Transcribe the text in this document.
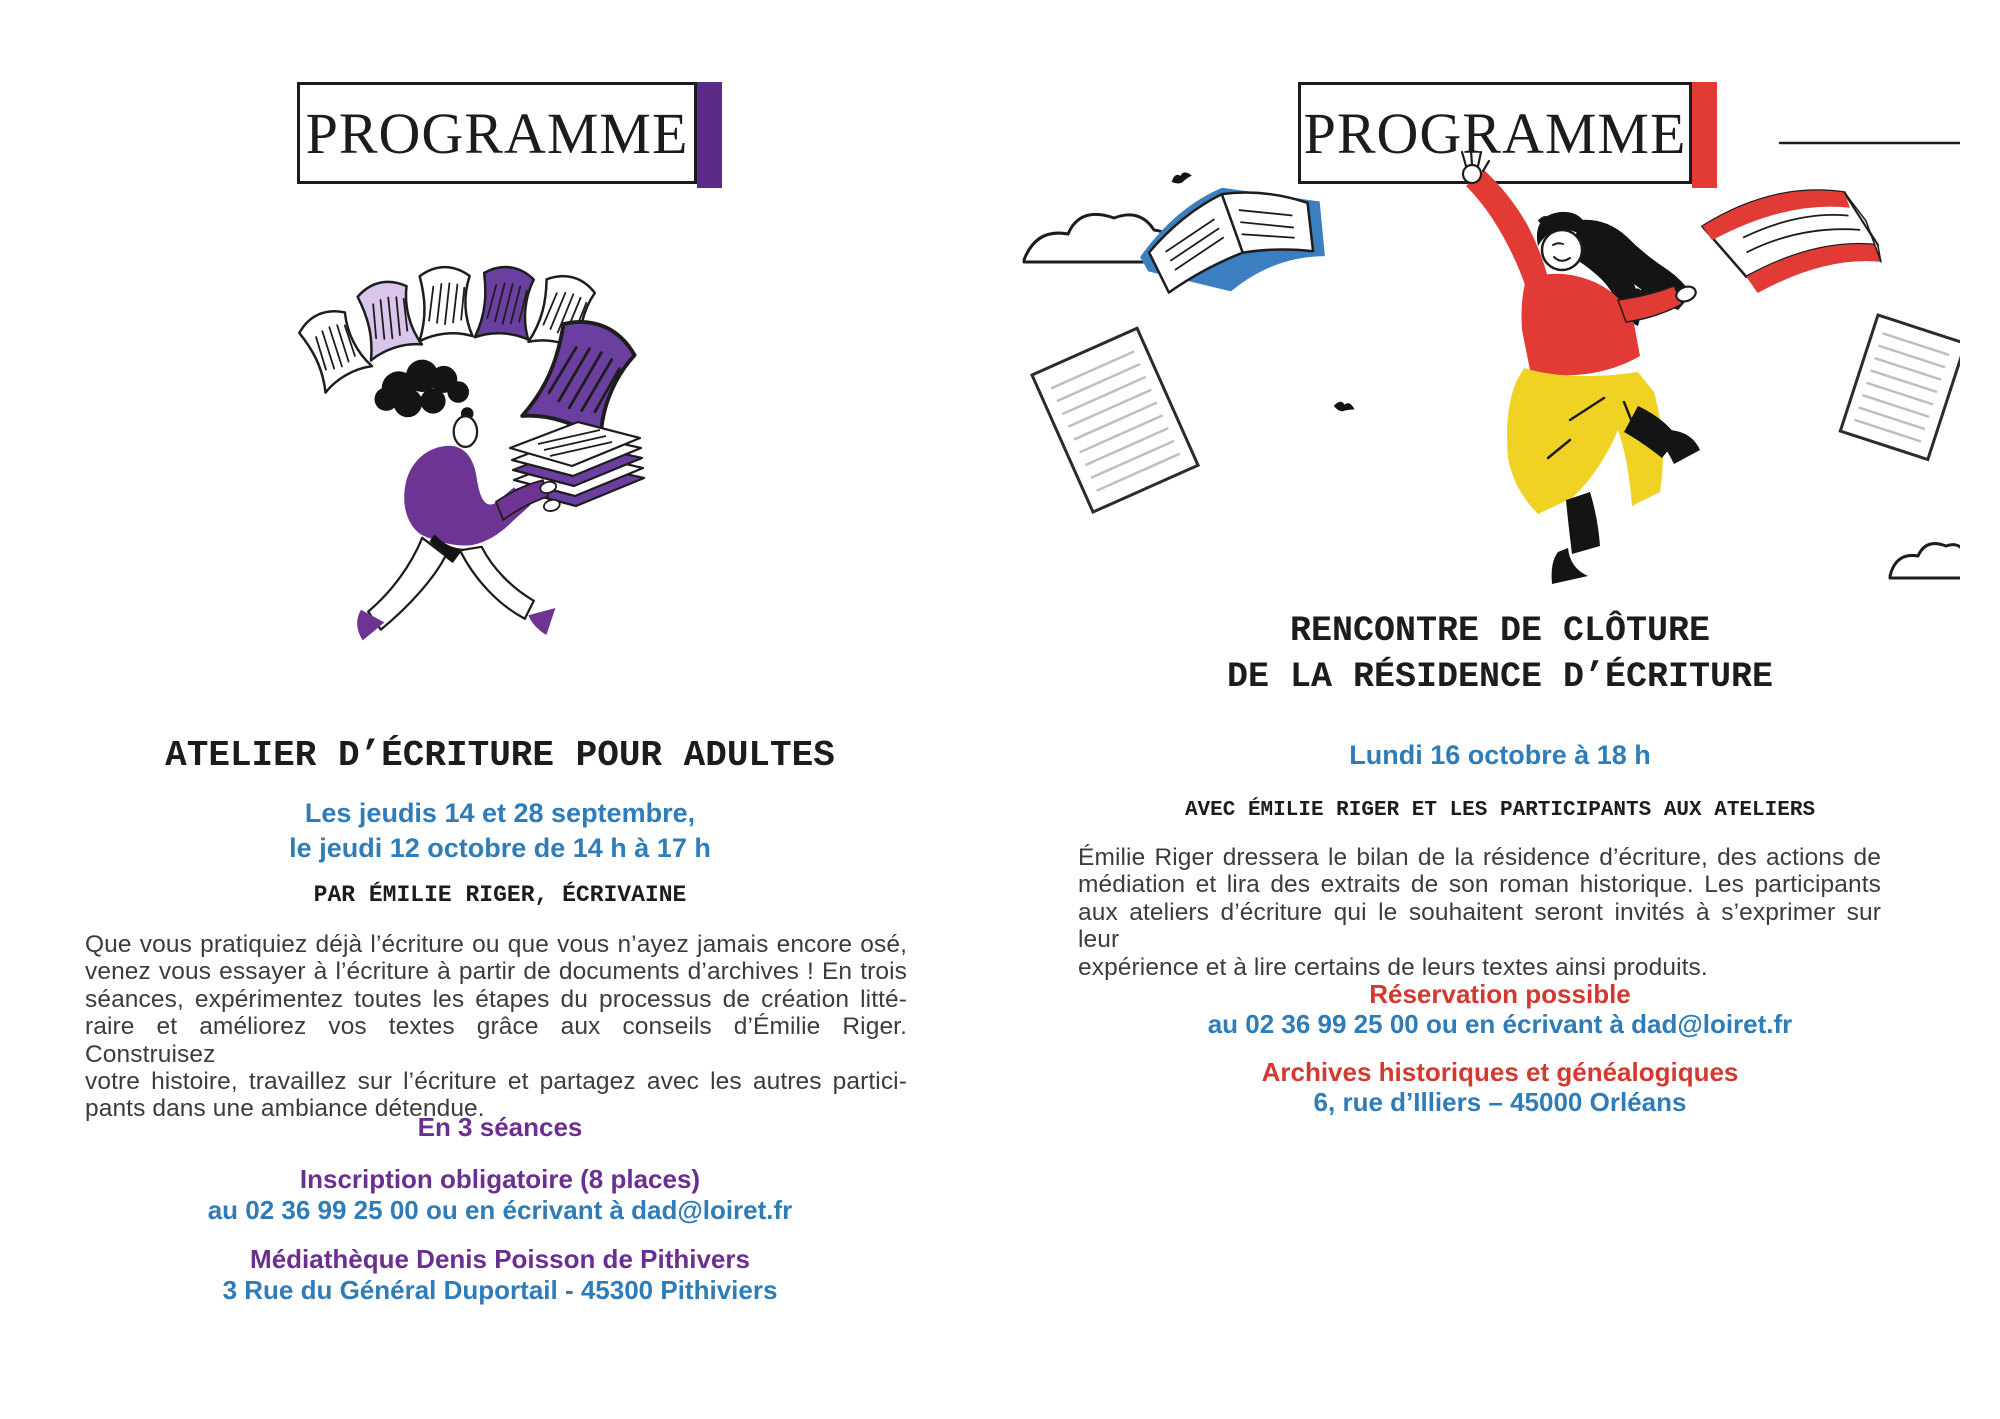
PROGRAMME
ATELIER D’ÉCRITURE POUR ADULTES
Les jeudis 14 et 28 septembre,
le jeudi 12 octobre de 14 h à 17 h
PAR ÉMILIE RIGER, ÉCRIVAINE
Que vous pratiquiez déjà l’écriture ou que vous n’ayez jamais encore osé,
venez vous essayer à l’écriture à partir de documents d’archives ! En trois
séances, expérimentez toutes les étapes du processus de création litté-
raire et améliorez vos textes grâce aux conseils d’Émilie Riger. Construisez
votre histoire, travaillez sur l’écriture et partagez avec les autres partici-
pants dans une ambiance détendue.
En 3 séances
Inscription obligatoire (8 places)
au 02 36 99 25 00 ou en écrivant à dad@loiret.fr
Médiathèque Denis Poisson de Pithivers
3 Rue du Général Duportail - 45300 Pithiviers
PROGRAMME
RENCONTRE DE CLÔTURE
DE LA RÉSIDENCE D’ÉCRITURE
Lundi 16 octobre à 18 h
AVEC ÉMILIE RIGER ET LES PARTICIPANTS AUX ATELIERS
Émilie Riger dressera le bilan de la résidence d’écriture, des actions de
médiation et lira des extraits de son roman historique. Les participants
aux ateliers d’écriture qui le souhaitent seront invités à s’exprimer sur leur
expérience et à lire certains de leurs textes ainsi produits.
Réservation possible
au 02 36 99 25 00 ou en écrivant à dad@loiret.fr
Archives historiques et généalogiques
6, rue d’Illiers – 45000 Orléans
